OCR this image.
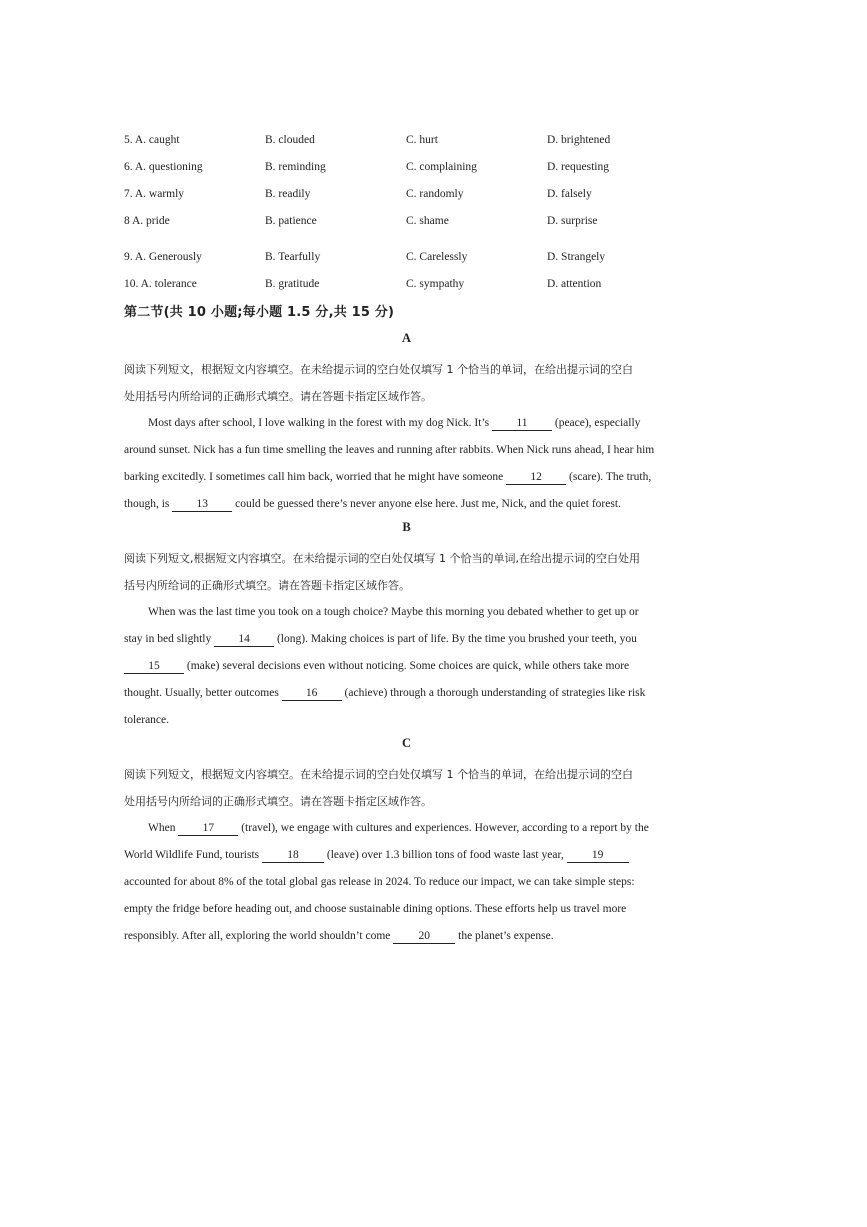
5. A. caught	B. clouded	C. hurt	D. brightened
6. A. questioning	B. reminding	C. complaining	D. requesting
7. A. warmly	B. readily	C. randomly	D. falsely
8 A. pride	B. patience	C. shame	D. surprise
9. A. Generously	B. Tearfully	C. Carelessly	D. Strangely
10. A. tolerance	B. gratitude	C. sympathy	D. attention
第二节(共 10 小题;每小题 1.5 分,共 15 分)
A
阅读下列短文，根据短文内容填空。在未给提示词的空白处仅填写 1 个恰当的单词，在给出提示词的空白
处用括号内所给词的正确形式填空。请在答题卡指定区域作答。
Most days after school, I love walking in the forest with my dog Nick. It’s 11 (peace), especially
around sunset. Nick has a fun time smelling the leaves and running after rabbits. When Nick runs ahead, I hear him
barking excitedly. I sometimes call him back, worried that he might have someone 12 (scare). The truth,
though, is 13 could be guessed there’s never anyone else here. Just me, Nick, and the quiet forest.
B
阅读下列短文,根据短文内容填空。在未给提示词的空白处仅填写 1 个恰当的单词,在给出提示词的空白处用
括号内所给词的正确形式填空。请在答题卡指定区域作答。
When was the last time you took on a tough choice? Maybe this morning you debated whether to get up or
stay in bed slightly 14 (long). Making choices is part of life. By the time you brushed your teeth, you
15 (make) several decisions even without noticing. Some choices are quick, while others take more
thought. Usually, better outcomes 16 (achieve) through a thorough understanding of strategies like risk
tolerance.
C
阅读下列短文，根据短文内容填空。在未给提示词的空白处仅填写 1 个恰当的单词，在给出提示词的空白
处用括号内所给词的正确形式填空。请在答题卡指定区域作答。
When 17 (travel), we engage with cultures and experiences. However, according to a report by the
World Wildlife Fund, tourists 18 (leave) over 1.3 billion tons of food waste last year, 19
accounted for about 8% of the total global gas release in 2024. To reduce our impact, we can take simple steps:
empty the fridge before heading out, and choose sustainable dining options. These efforts help us travel more
responsibly. After all, exploring the world shouldn’t come 20 the planet’s expense.
